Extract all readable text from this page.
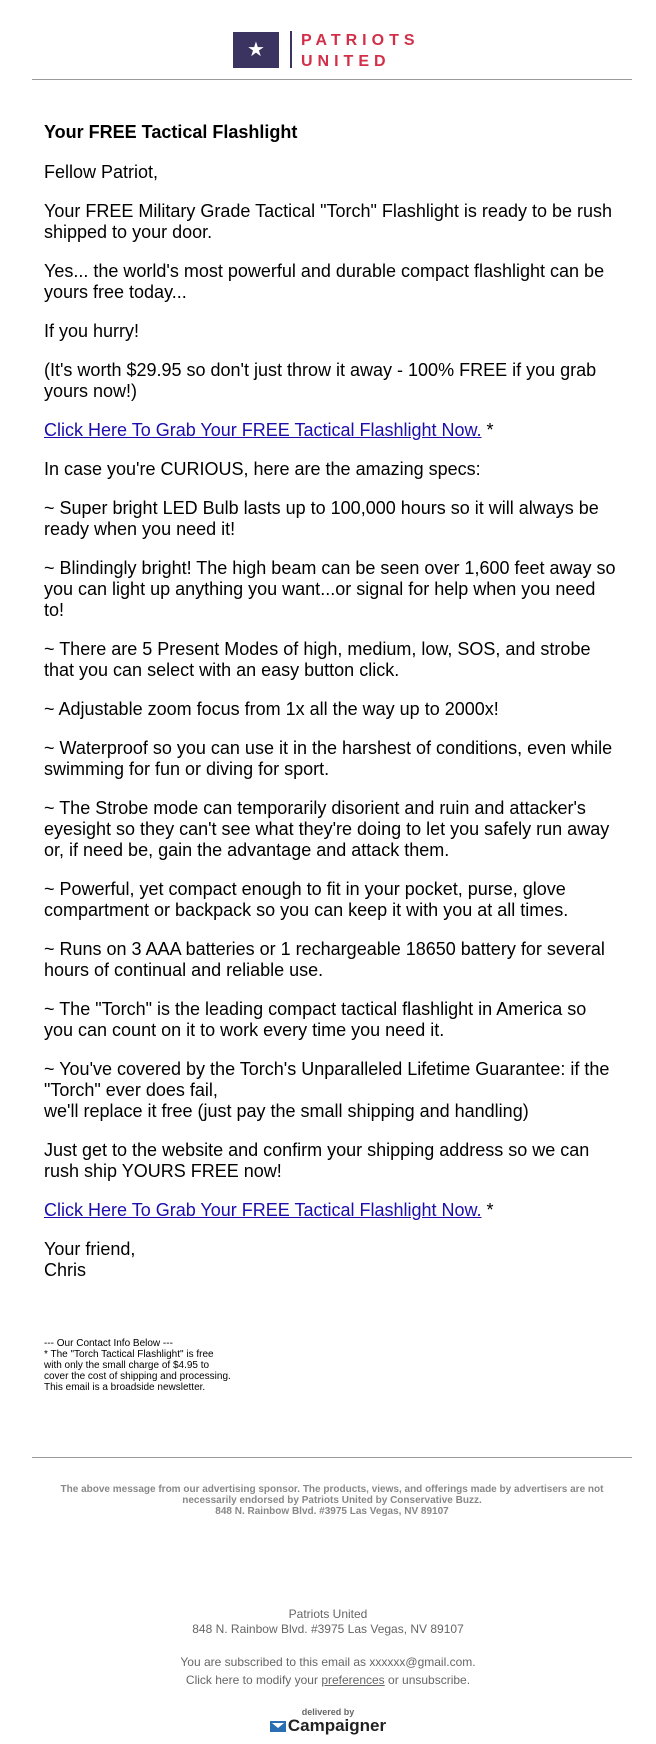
★	PATRIOTS
UNITED

Your FREE Tactical Flashlight

Fellow Patriot,

Your FREE Military Grade Tactical "Torch" Flashlight is ready to be rush shipped to your door.

Yes... the world's most powerful and durable compact flashlight can be yours free today...

If you hurry!

(It's worth $29.95 so don't just throw it away - 100% FREE if you grab yours now!)

Click Here To Grab Your FREE Tactical Flashlight Now. *

In case you're CURIOUS, here are the amazing specs:

~ Super bright LED Bulb lasts up to 100,000 hours so it will always be ready when you need it!

~ Blindingly bright! The high beam can be seen over 1,600 feet away so you can light up anything you want...or signal for help when you need to!

~ There are 5 Present Modes of high, medium, low, SOS, and strobe that you can select with an easy button click.

~ Adjustable zoom focus from 1x all the way up to 2000x!

~ Waterproof so you can use it in the harshest of conditions, even while swimming for fun or diving for sport.

~ The Strobe mode can temporarily disorient and ruin and attacker's eyesight so they can't see what they're doing to let you safely run away or, if need be, gain the advantage and attack them.

~ Powerful, yet compact enough to fit in your pocket, purse, glove compartment or backpack so you can keep it with you at all times.

~ Runs on 3 AAA batteries or 1 rechargeable 18650 battery for several hours of continual and reliable use.

~ The "Torch" is the leading compact tactical flashlight in America so you can count on it to work every time you need it.

~ You've covered by the Torch's Unparalleled Lifetime Guarantee: if the "Torch" ever does fail,
we'll replace it free (just pay the small shipping and handling)

Just get to the website and confirm your shipping address so we can rush ship YOURS FREE now!

Click Here To Grab Your FREE Tactical Flashlight Now. *

Your friend,
Chris

--- Our Contact Info Below ---
* The "Torch Tactical Flashlight" is free
with only the small charge of $4.95 to
cover the cost of shipping and processing.
This email is a broadside newsletter.
The above message from our advertising sponsor. The products, views, and offerings made by advertisers are not necessarily endorsed by Patriots United by Conservative Buzz.
848 N. Rainbow Blvd. #3975 Las Vegas, NV 89107

Patriots United

848 N. Rainbow Blvd. #3975 Las Vegas, NV 89107

You are subscribed to this email as xxxxxx@gmail.com.

Click here to modify your preferences or unsubscribe.

delivered by
Campaigner
